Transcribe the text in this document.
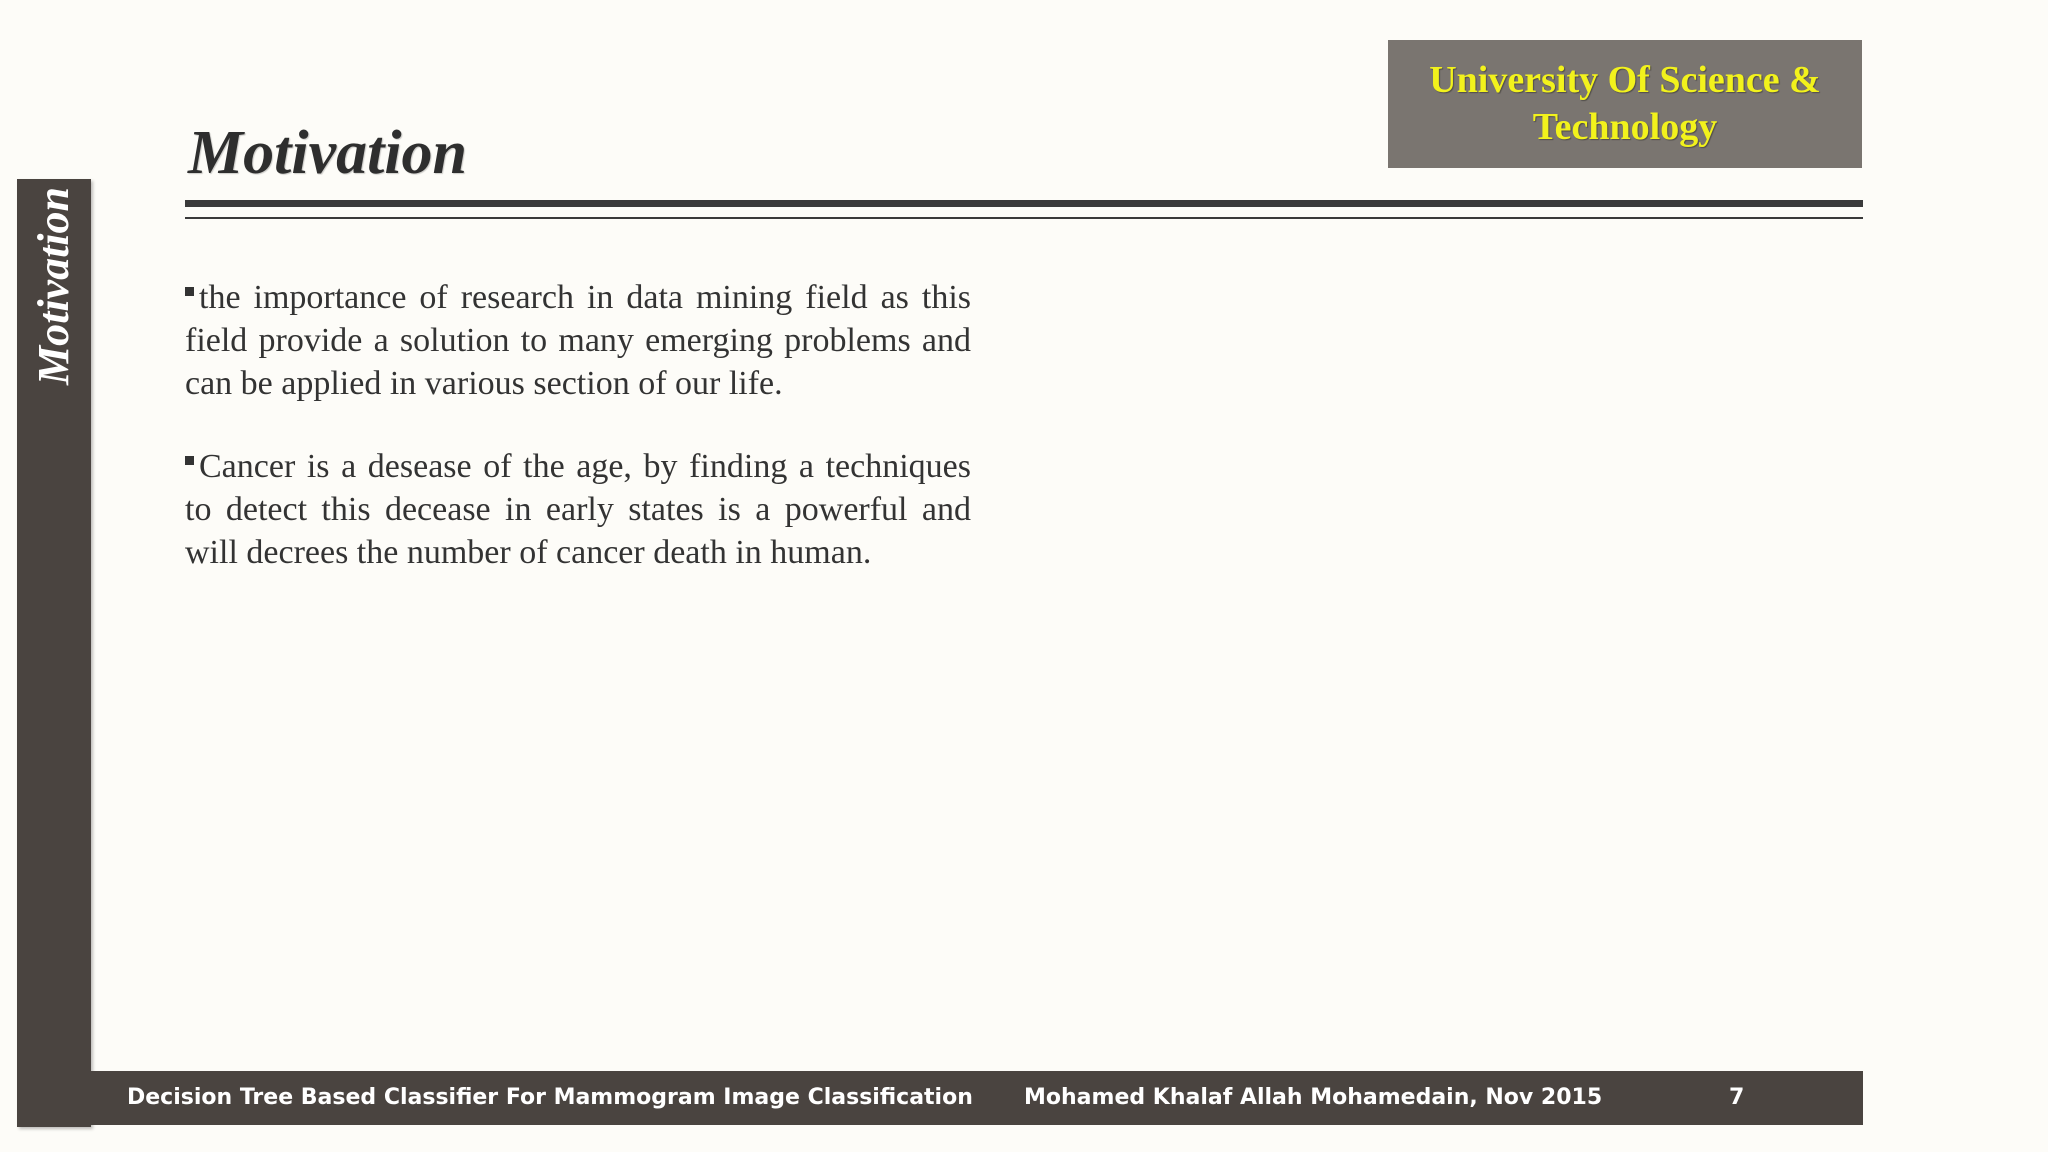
Motivation
Motivation
University Of Science & Technology

the importance of research in data mining field as this field provide a solution to many emerging problems and can be applied in various section of our life.

Cancer is a desease of the age, by finding a techniques to detect this decease in early states is a powerful and will decrees the number of cancer death in human.

Decision Tree Based Classifier For Mammogram Image Classification Mohamed Khalaf Allah Mohamedain, Nov 2015	7
